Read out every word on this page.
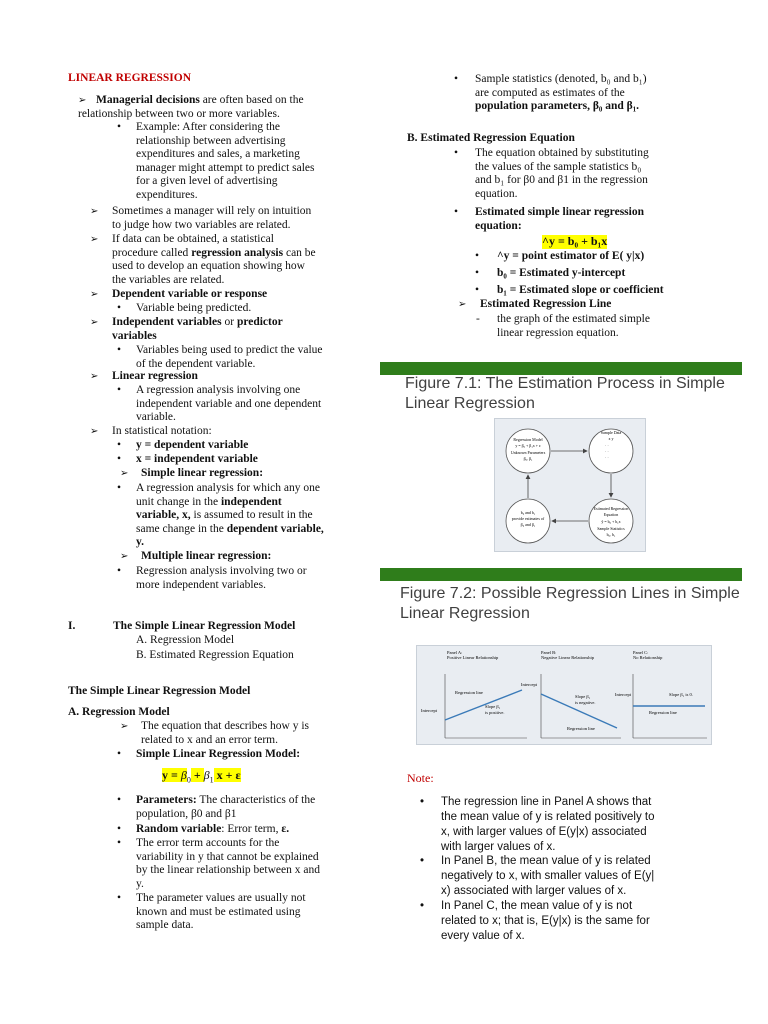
LINEAR REGRESSION
➢ Managerial decisions are often based on the
relationship between two or more variables.
• Example: After considering the
relationship between advertising
expenditures and sales, a marketing
manager might attempt to predict sales
for a given level of advertising
expenditures.
➢ Sometimes a manager will rely on intuition
to judge how two variables are related.
➢ If data can be obtained, a statistical
procedure called regression analysis can be
used to develop an equation showing how
the variables are related.
➢	Dependent variable or response
•	Variable being predicted.
➢	Independent variables or predictor
variables
• Variables being used to predict the value
of the dependent variable.
➢	Linear regression
• A regression analysis involving one
independent variable and one dependent
variable.
➢	In statistical notation:
•	y = dependent variable
•	x = independent variable
➢	Simple linear regression:
• A regression analysis for which any one
unit change in the independent
variable, x, is assumed to result in the
same change in the dependent variable,
y.
➢	Multiple linear regression:
• Regression analysis involving two or
more independent variables.
I.	The Simple Linear Regression Model
A. Regression Model
B. Estimated Regression Equation
The Simple Linear Regression Model
A. Regression Model
➢ The equation that describes how y is
related to x and an error term.
•	Simple Linear Regression Model:
$y = \beta_0 + \beta_1$ x + ε
• Parameters: The characteristics of the
population, β0 and β1
•	Random variable: Error term, ε.
• The error term accounts for the
variability in y that cannot be explained
by the linear relationship between x and
y.
• The parameter values are usually not
known and must be estimated using
sample data.
• Sample statistics (denoted, b₀ and b₁)
are computed as estimates of the
population parameters, β₀ and β₁.
B. Estimated Regression Equation
• The equation obtained by substituting
the values of the sample statistics b₀
and b₁ for β0 and β1 in the regression
equation.
• Estimated simple linear regression
equation:
^y = b₀ + b₁x
•	^y = point estimator of E( y|x)
•	b₀ = Estimated y-intercept
•	b₁ = Estimated slope or coefficient
➢	Estimated Regression Line
- the graph of the estimated simple
linear regression equation.
Figure 7.1: The Estimation Process in Simple
Linear Regression
Regression Model
y = β₀ + β₁x + ε
Unknown Parameters
β₀, β₁
Sample Data
x y
· ·
· ·
· ·
b₀ and b₁
provide estimates of
β₀ and β₁
Estimated Regression
Equation
ŷ = b₀ + b₁x
Sample Statistics
b₀, b₁
Figure 7.2: Possible Regression Lines in Simple
Linear Regression
Panel A:
Positive Linear Relationship
Regression line
Intercept
Slope β₁
is positive.
Panel B:
Negative Linear Relationship
Intercept
Slope β₁
is negative.
Regression line
Panel C:
No Relationship
Intercept	Slope β₁ is 0.
Regression line
Note:
• The regression line in Panel A shows that
the mean value of y is related positively to
x, with larger values of E(y|x) associated
with larger values of x.
• In Panel B, the mean value of y is related
negatively to x, with smaller values of E(y|
x) associated with larger values of x.
• In Panel C, the mean value of y is not
related to x; that is, E(y|x) is the same for
every value of x.
